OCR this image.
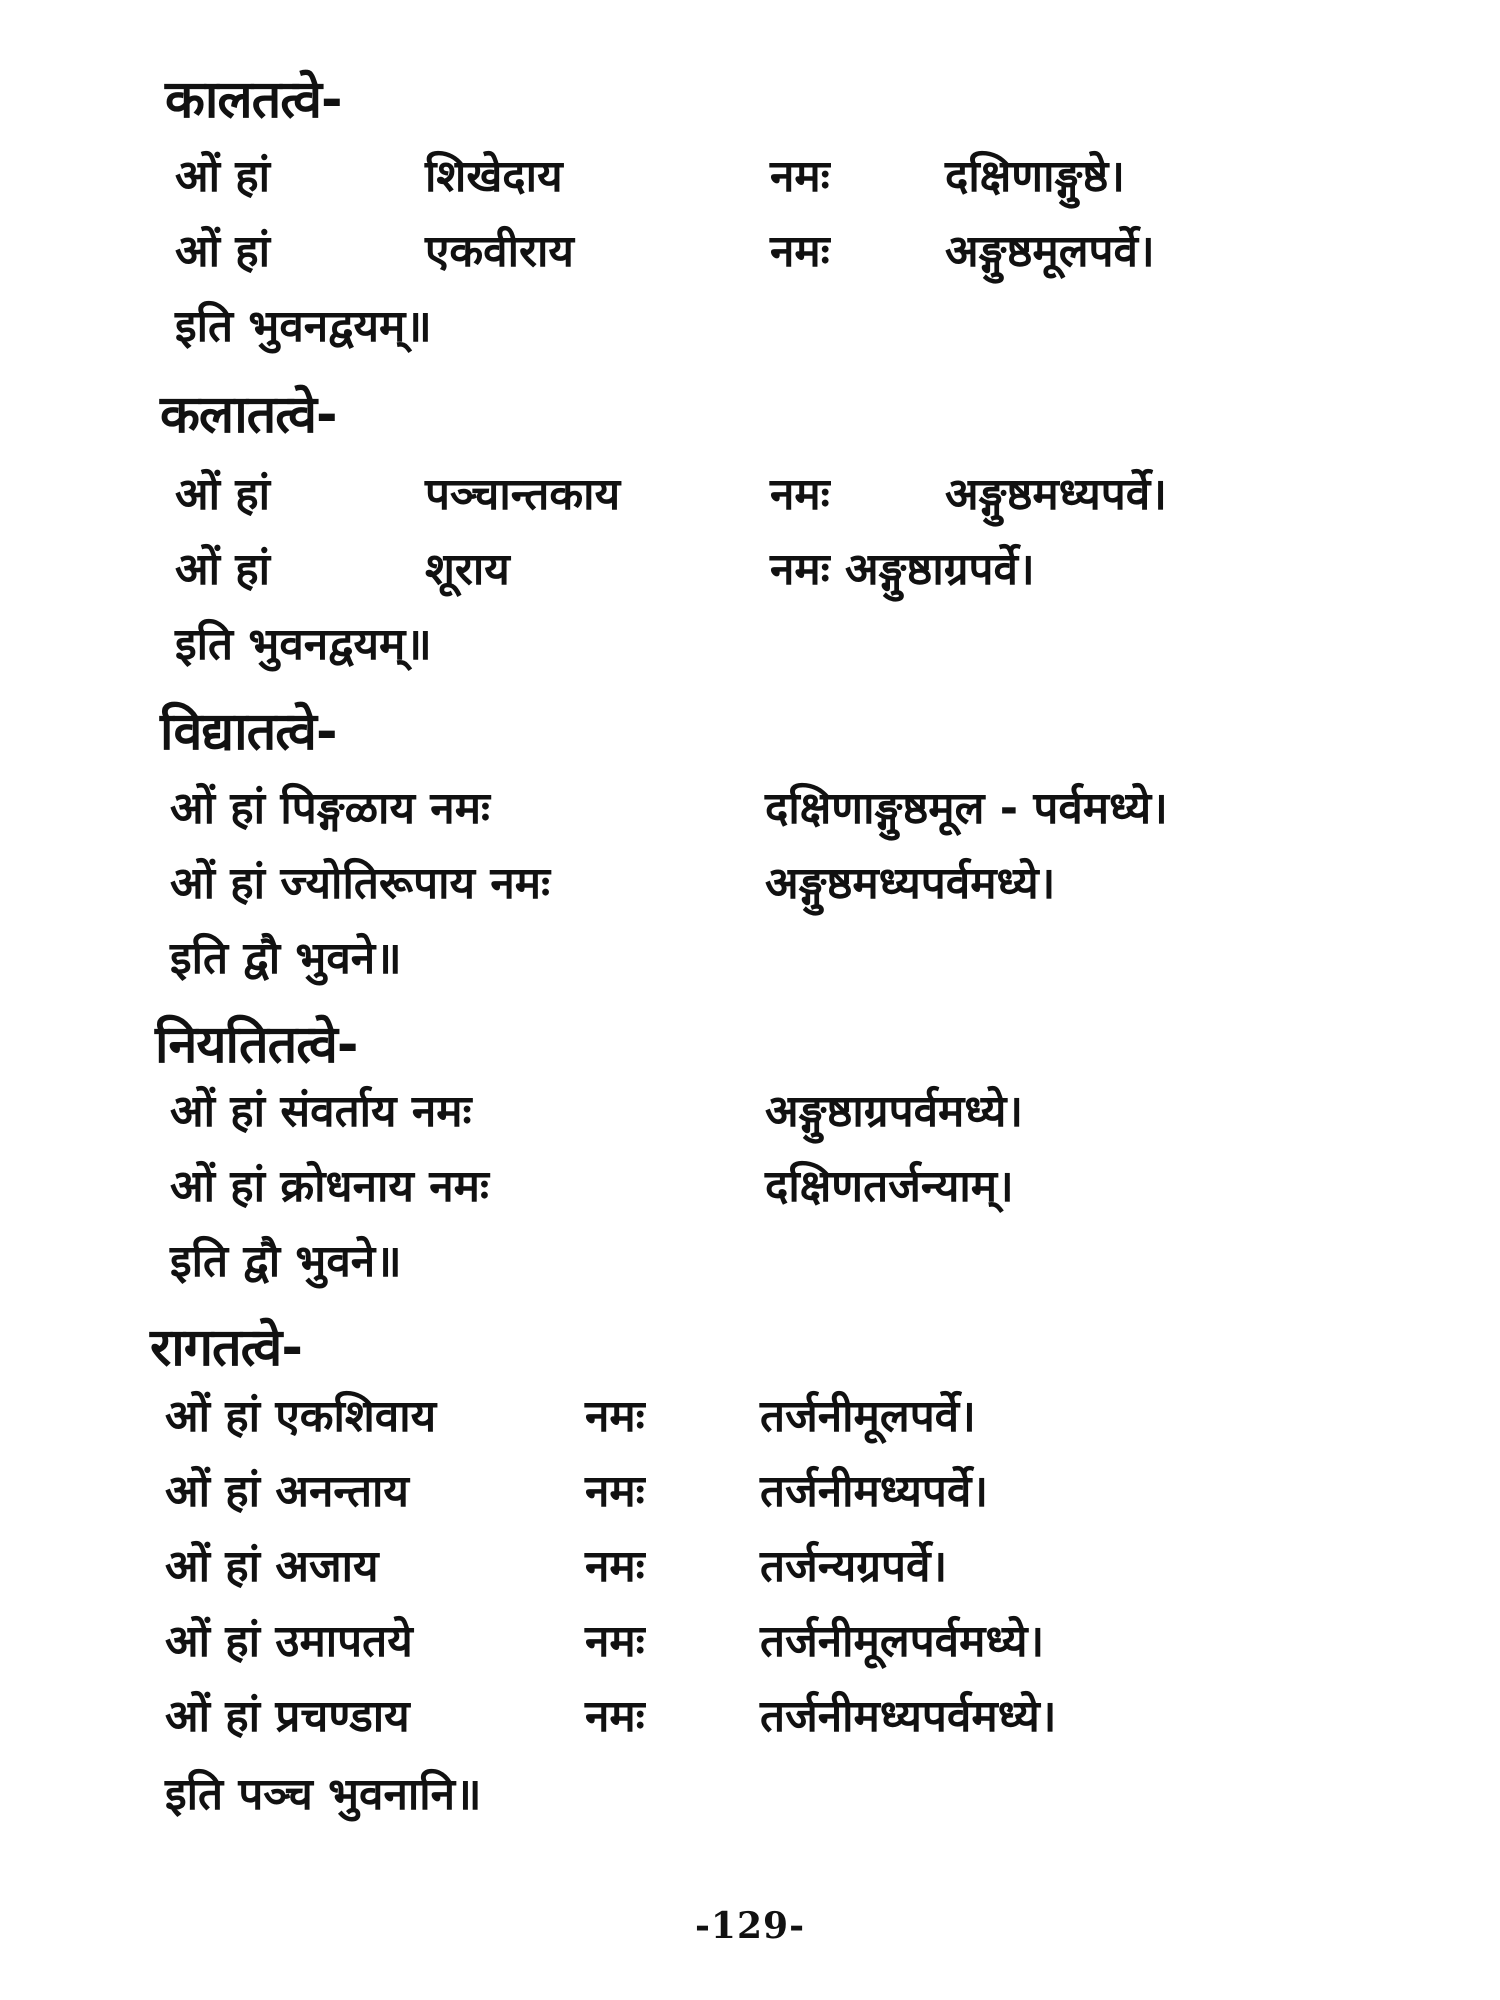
कालतत्वे-
ओं हां	शिखेदाय	नमः	दक्षिणाङ्गुष्ठे।
ओं हां	एकवीराय	नमः	अङ्गुष्ठमूलपर्वे।
इति भुवनद्वयम्॥
कलातत्वे-
ओं हां	पञ्चान्तकाय	नमः	अङ्गुष्ठमध्यपर्वे।
ओं हां	शूराय	नमः अङ्गुष्ठाग्रपर्वे।
इति भुवनद्वयम्॥
विद्यातत्वे-
ओं हां पिङ्गळाय नमः	दक्षिणाङ्गुष्ठमूल - पर्वमध्ये।
ओं हां ज्योतिरूपाय नमः	अङ्गुष्ठमध्यपर्वमध्ये।
इति द्वौ भुवने॥
नियतितत्वे-
ओं हां संवर्ताय नमः	अङ्गुष्ठाग्रपर्वमध्ये।
ओं हां क्रोधनाय नमः	दक्षिणतर्जन्याम्।
इति द्वौ भुवने॥
रागतत्वे-
ओं हां एकशिवाय	नमः	तर्जनीमूलपर्वे।
ओं हां अनन्ताय	नमः	तर्जनीमध्यपर्वे।
ओं हां अजाय	नमः	तर्जन्यग्रपर्वे।
ओं हां उमापतये	नमः	तर्जनीमूलपर्वमध्ये।
ओं हां प्रचण्डाय	नमः	तर्जनीमध्यपर्वमध्ये।
इति पञ्च भुवनानि॥
-129-
